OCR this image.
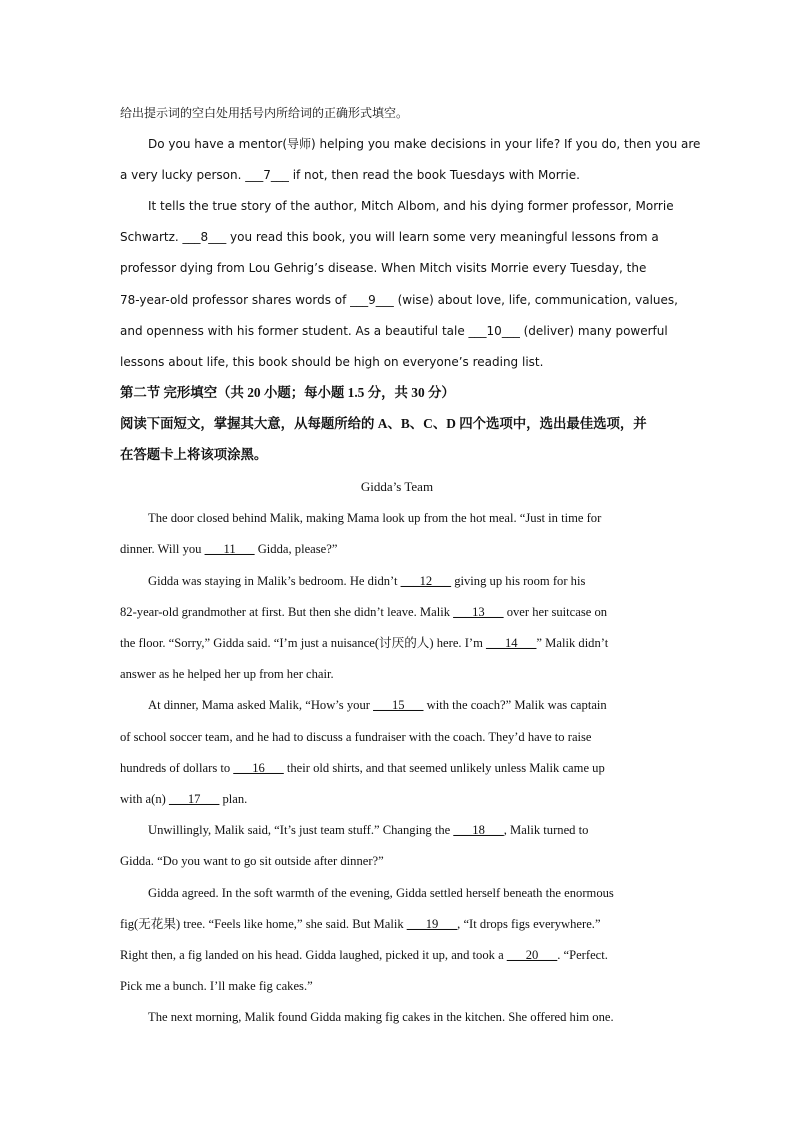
给出提示词的空白处用括号内所给词的正确形式填空。
Do you have a mentor(导师) helping you make decisions in your life? If you do, then you are
a very lucky person. ___7___ if not, then read the book Tuesdays with Morrie.
It tells the true story of the author, Mitch Albom, and his dying former professor, Morrie
Schwartz. ___8___ you read this book, you will learn some very meaningful lessons from a
professor dying from Lou Gehrig’s disease. When Mitch visits Morrie every Tuesday, the
78-year-old professor shares words of ___9___ (wise) about love, life, communication, values,
and openness with his former student. As a beautiful tale ___10___ (deliver) many powerful
lessons about life, this book should be high on everyone’s reading list.
第二节 完形填空（共 20 小题；每小题 1.5 分，共 30 分）
阅读下面短文，掌握其大意，从每题所给的 A、B、C、D 四个选项中，选出最佳选项，并
在答题卡上将该项涂黑。
Gidda’s Team
The door closed behind Malik, making Mama look up from the hot meal. “Just in time for
dinner. Will you ___11___ Gidda, please?”
Gidda was staying in Malik’s bedroom. He didn’t ___12___ giving up his room for his
82-year-old grandmother at first. But then she didn’t leave. Malik ___13___ over her suitcase on
the floor. “Sorry,” Gidda said. “I’m just a nuisance(讨厌的人) here. I’m ___14___” Malik didn’t
answer as he helped her up from her chair.
At dinner, Mama asked Malik, “How’s your ___15___ with the coach?” Malik was captain
of school soccer team, and he had to discuss a fundraiser with the coach. They’d have to raise
hundreds of dollars to ___16___ their old shirts, and that seemed unlikely unless Malik came up
with a(n) ___17___ plan.
Unwillingly, Malik said, “It’s just team stuff.” Changing the ___18___, Malik turned to
Gidda. “Do you want to go sit outside after dinner?”
Gidda agreed. In the soft warmth of the evening, Gidda settled herself beneath the enormous
fig(无花果) tree. “Feels like home,” she said. But Malik ___19___, “It drops figs everywhere.”
Right then, a fig landed on his head. Gidda laughed, picked it up, and took a ___20___. “Perfect.
Pick me a bunch. I’ll make fig cakes.”
The next morning, Malik found Gidda making fig cakes in the kitchen. She offered him one.
